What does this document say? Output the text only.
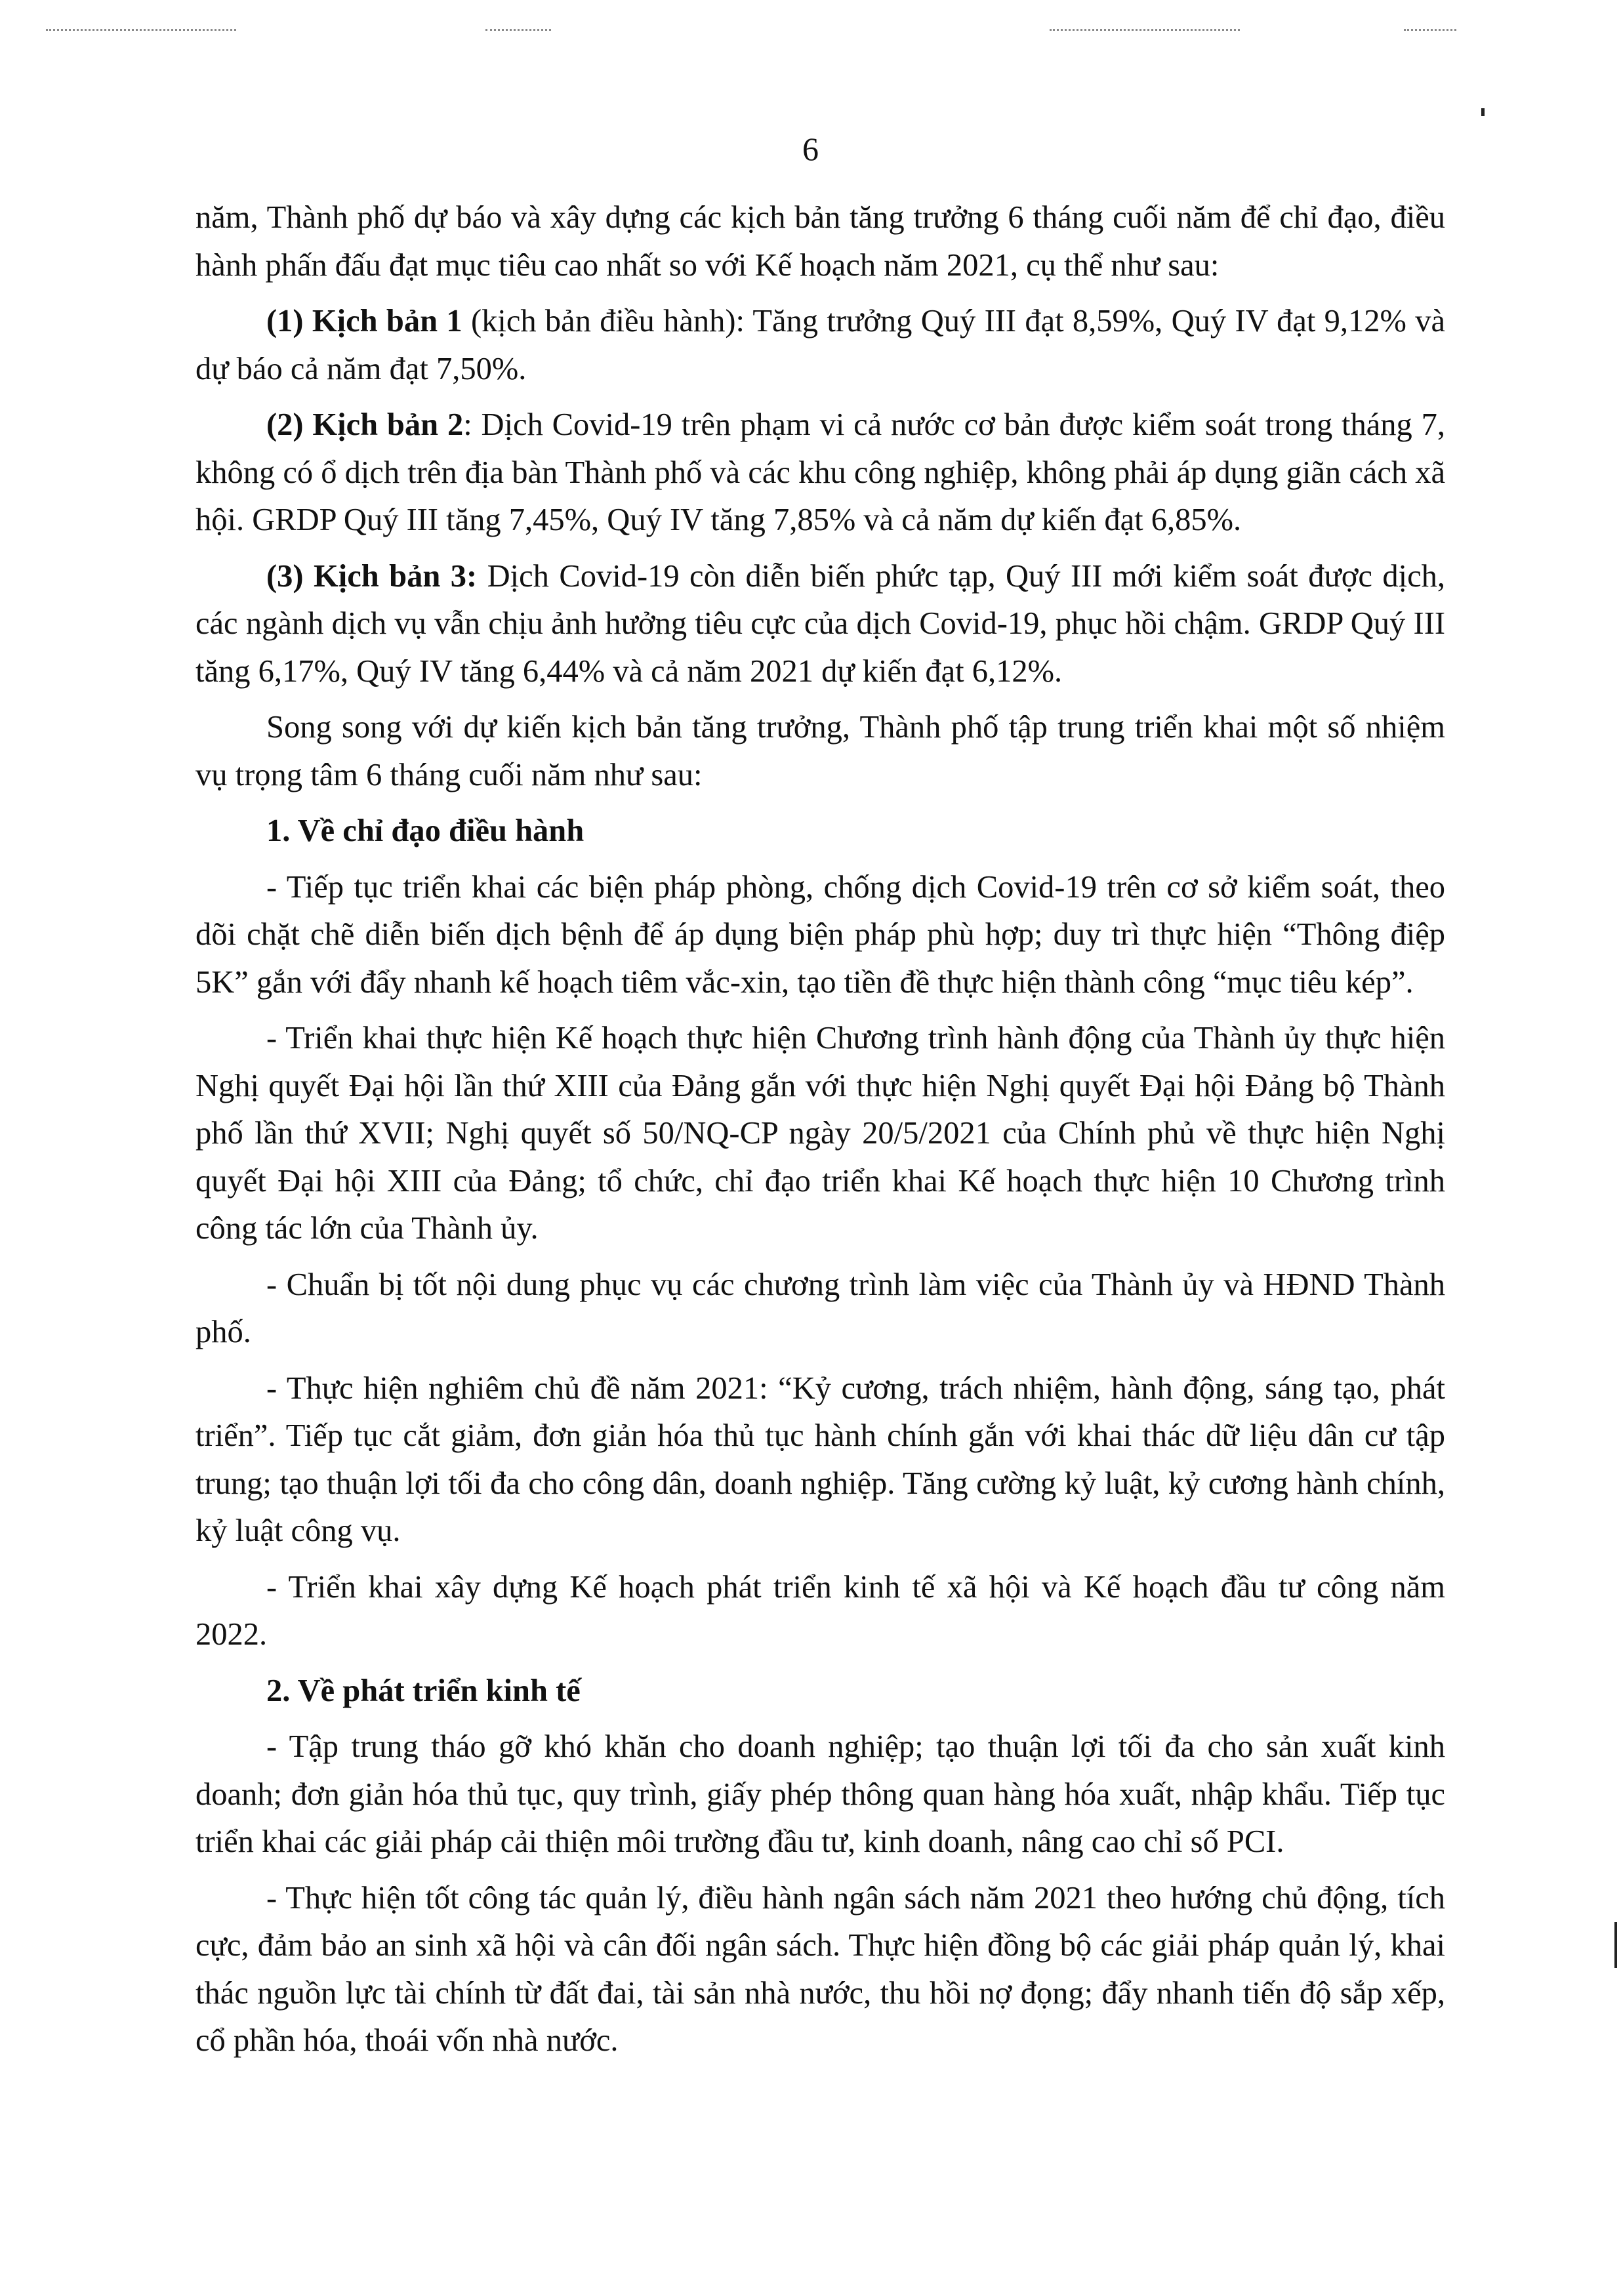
6

năm, Thành phố dự báo và xây dựng các kịch bản tăng trưởng 6 tháng cuối năm để chỉ đạo, điều hành phấn đấu đạt mục tiêu cao nhất so với Kế hoạch năm 2021, cụ thể như sau:

(1) Kịch bản 1 (kịch bản điều hành): Tăng trưởng Quý III đạt 8,59%, Quý IV đạt 9,12% và dự báo cả năm đạt 7,50%.

(2) Kịch bản 2: Dịch Covid-19 trên phạm vi cả nước cơ bản được kiểm soát trong tháng 7, không có ổ dịch trên địa bàn Thành phố và các khu công nghiệp, không phải áp dụng giãn cách xã hội. GRDP Quý III tăng 7,45%, Quý IV tăng 7,85% và cả năm dự kiến đạt 6,85%.

(3) Kịch bản 3: Dịch Covid-19 còn diễn biến phức tạp, Quý III mới kiểm soát được dịch, các ngành dịch vụ vẫn chịu ảnh hưởng tiêu cực của dịch Covid-19, phục hồi chậm. GRDP Quý III tăng 6,17%, Quý IV tăng 6,44% và cả năm 2021 dự kiến đạt 6,12%.

Song song với dự kiến kịch bản tăng trưởng, Thành phố tập trung triển khai một số nhiệm vụ trọng tâm 6 tháng cuối năm như sau:

1. Về chỉ đạo điều hành

- Tiếp tục triển khai các biện pháp phòng, chống dịch Covid-19 trên cơ sở kiểm soát, theo dõi chặt chẽ diễn biến dịch bệnh để áp dụng biện pháp phù hợp; duy trì thực hiện “Thông điệp 5K” gắn với đẩy nhanh kế hoạch tiêm vắc-xin, tạo tiền đề thực hiện thành công “mục tiêu kép”.

- Triển khai thực hiện Kế hoạch thực hiện Chương trình hành động của Thành ủy thực hiện Nghị quyết Đại hội lần thứ XIII của Đảng gắn với thực hiện Nghị quyết Đại hội Đảng bộ Thành phố lần thứ XVII; Nghị quyết số 50/NQ-CP ngày 20/5/2021 của Chính phủ về thực hiện Nghị quyết Đại hội XIII của Đảng; tổ chức, chỉ đạo triển khai Kế hoạch thực hiện 10 Chương trình công tác lớn của Thành ủy.

- Chuẩn bị tốt nội dung phục vụ các chương trình làm việc của Thành ủy và HĐND Thành phố.

- Thực hiện nghiêm chủ đề năm 2021: “Kỷ cương, trách nhiệm, hành động, sáng tạo, phát triển”. Tiếp tục cắt giảm, đơn giản hóa thủ tục hành chính gắn với khai thác dữ liệu dân cư tập trung; tạo thuận lợi tối đa cho công dân, doanh nghiệp. Tăng cường kỷ luật, kỷ cương hành chính, kỷ luật công vụ.

- Triển khai xây dựng Kế hoạch phát triển kinh tế xã hội và Kế hoạch đầu tư công năm 2022.

2. Về phát triển kinh tế

- Tập trung tháo gỡ khó khăn cho doanh nghiệp; tạo thuận lợi tối đa cho sản xuất kinh doanh; đơn giản hóa thủ tục, quy trình, giấy phép thông quan hàng hóa xuất, nhập khẩu. Tiếp tục triển khai các giải pháp cải thiện môi trường đầu tư, kinh doanh, nâng cao chỉ số PCI.

- Thực hiện tốt công tác quản lý, điều hành ngân sách năm 2021 theo hướng chủ động, tích cực, đảm bảo an sinh xã hội và cân đối ngân sách. Thực hiện đồng bộ các giải pháp quản lý, khai thác nguồn lực tài chính từ đất đai, tài sản nhà nước, thu hồi nợ đọng; đẩy nhanh tiến độ sắp xếp, cổ phần hóa, thoái vốn nhà nước.
